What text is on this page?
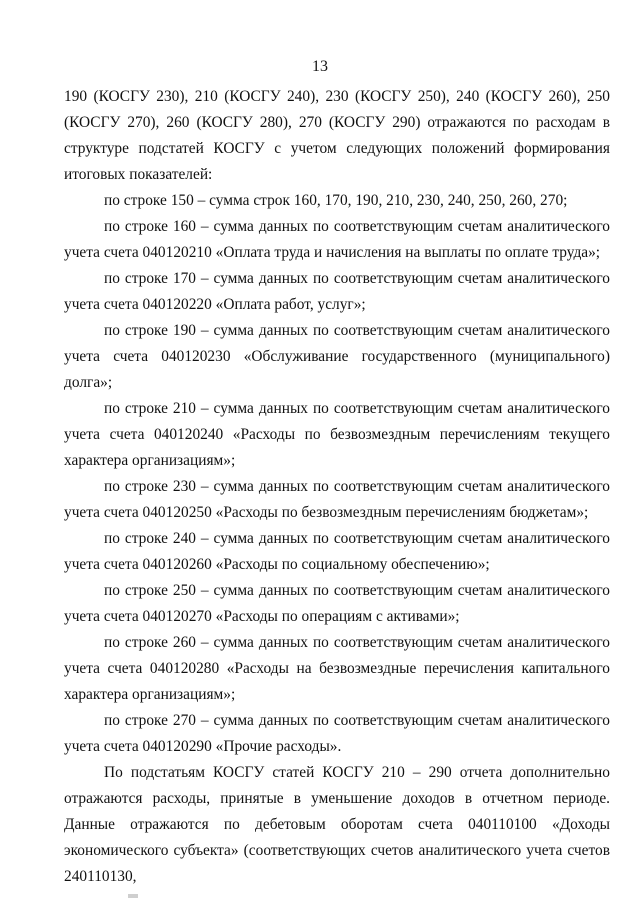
13

190 (КОСГУ 230), 210 (КОСГУ 240), 230 (КОСГУ 250), 240 (КОСГУ 260), 250 (КОСГУ 270), 260 (КОСГУ 280), 270 (КОСГУ 290) отражаются по расходам в структуре подстатей КОСГУ с учетом следующих положений формирования итоговых показателей:

по строке 150 – сумма строк 160, 170, 190, 210, 230, 240, 250, 260, 270;

по строке 160 – сумма данных по соответствующим счетам аналитического учета счета 040120210 «Оплата труда и начисления на выплаты по оплате труда»;

по строке 170 – сумма данных по соответствующим счетам аналитического учета счета 040120220 «Оплата работ, услуг»;

по строке 190 – сумма данных по соответствующим счетам аналитического учета счета 040120230 «Обслуживание государственного (муниципального) долга»;

по строке 210 – сумма данных по соответствующим счетам аналитического учета счета 040120240 «Расходы по безвозмездным перечислениям текущего характера организациям»;

по строке 230 – сумма данных по соответствующим счетам аналитического учета счета 040120250 «Расходы по безвозмездным перечислениям бюджетам»;

по строке 240 – сумма данных по соответствующим счетам аналитического учета счета 040120260 «Расходы по социальному обеспечению»;

по строке 250 – сумма данных по соответствующим счетам аналитического учета счета 040120270 «Расходы по операциям с активами»;

по строке 260 – сумма данных по соответствующим счетам аналитического учета счета 040120280 «Расходы на безвозмездные перечисления капитального характера организациям»;

по строке 270 – сумма данных по соответствующим счетам аналитического учета счета 040120290 «Прочие расходы».

По подстатьям КОСГУ статей КОСГУ 210 – 290 отчета дополнительно отражаются расходы, принятые в уменьшение доходов в отчетном периоде. Данные отражаются по дебетовым оборотам счета 040110100 «Доходы экономического субъекта» (соответствующих счетов аналитического учета счетов 240110130,
